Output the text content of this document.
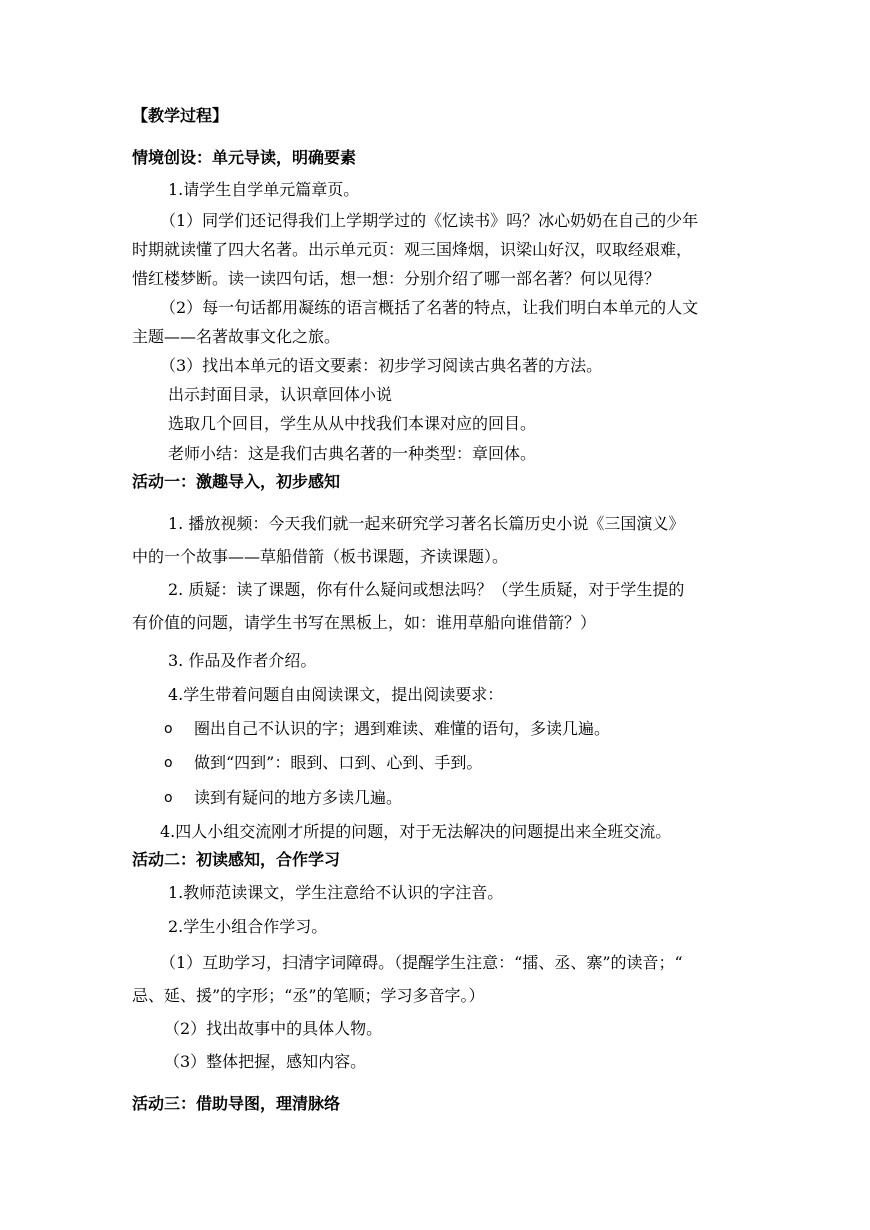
【教学过程】
情境创设：单元导读，明确要素
1.请学生自学单元篇章页。
（1）同学们还记得我们上学期学过的《忆读书》吗？冰心奶奶在自己的少年
时期就读懂了四大名著。出示单元页：观三国烽烟，识梁山好汉，叹取经艰难，
惜红楼梦断。读一读四句话，想一想：分别介绍了哪一部名著？何以见得？
（2）每一句话都用凝练的语言概括了名著的特点，让我们明白本单元的人文
主题——名著故事文化之旅。
（3）找出本单元的语文要素：初步学习阅读古典名著的方法。
出示封面目录，认识章回体小说
选取几个回目，学生从从中找我们本课对应的回目。
老师小结：这是我们古典名著的一种类型：章回体。
活动一：激趣导入，初步感知
1. 播放视频：今天我们就一起来研究学习著名长篇历史小说《三国演义》
中的一个故事——草船借箭（板书课题，齐读课题）。
2. 质疑：读了课题，你有什么疑问或想法吗？（学生质疑，对于学生提的
有价值的问题，请学生书写在黑板上，如：谁用草船向谁借箭？）
3. 作品及作者介绍。
4.学生带着问题自由阅读课文，提出阅读要求：
o 圈出自己不认识的字；遇到难读、难懂的语句，多读几遍。
o 做到“四到”：眼到、口到、心到、手到。
o 读到有疑问的地方多读几遍。
4.四人小组交流刚才所提的问题，对于无法解决的问题提出来全班交流。
活动二：初读感知，合作学习
1.教师范读课文，学生注意给不认识的字注音。
2.学生小组合作学习。
（1）互助学习，扫清字词障碍。（提醒学生注意：“擂、丞、寨”的读音；“
忌、延、援”的字形；“丞”的笔顺；学习多音字。）
（2）找出故事中的具体人物。
（3）整体把握，感知内容。
活动三：借助导图，理清脉络
